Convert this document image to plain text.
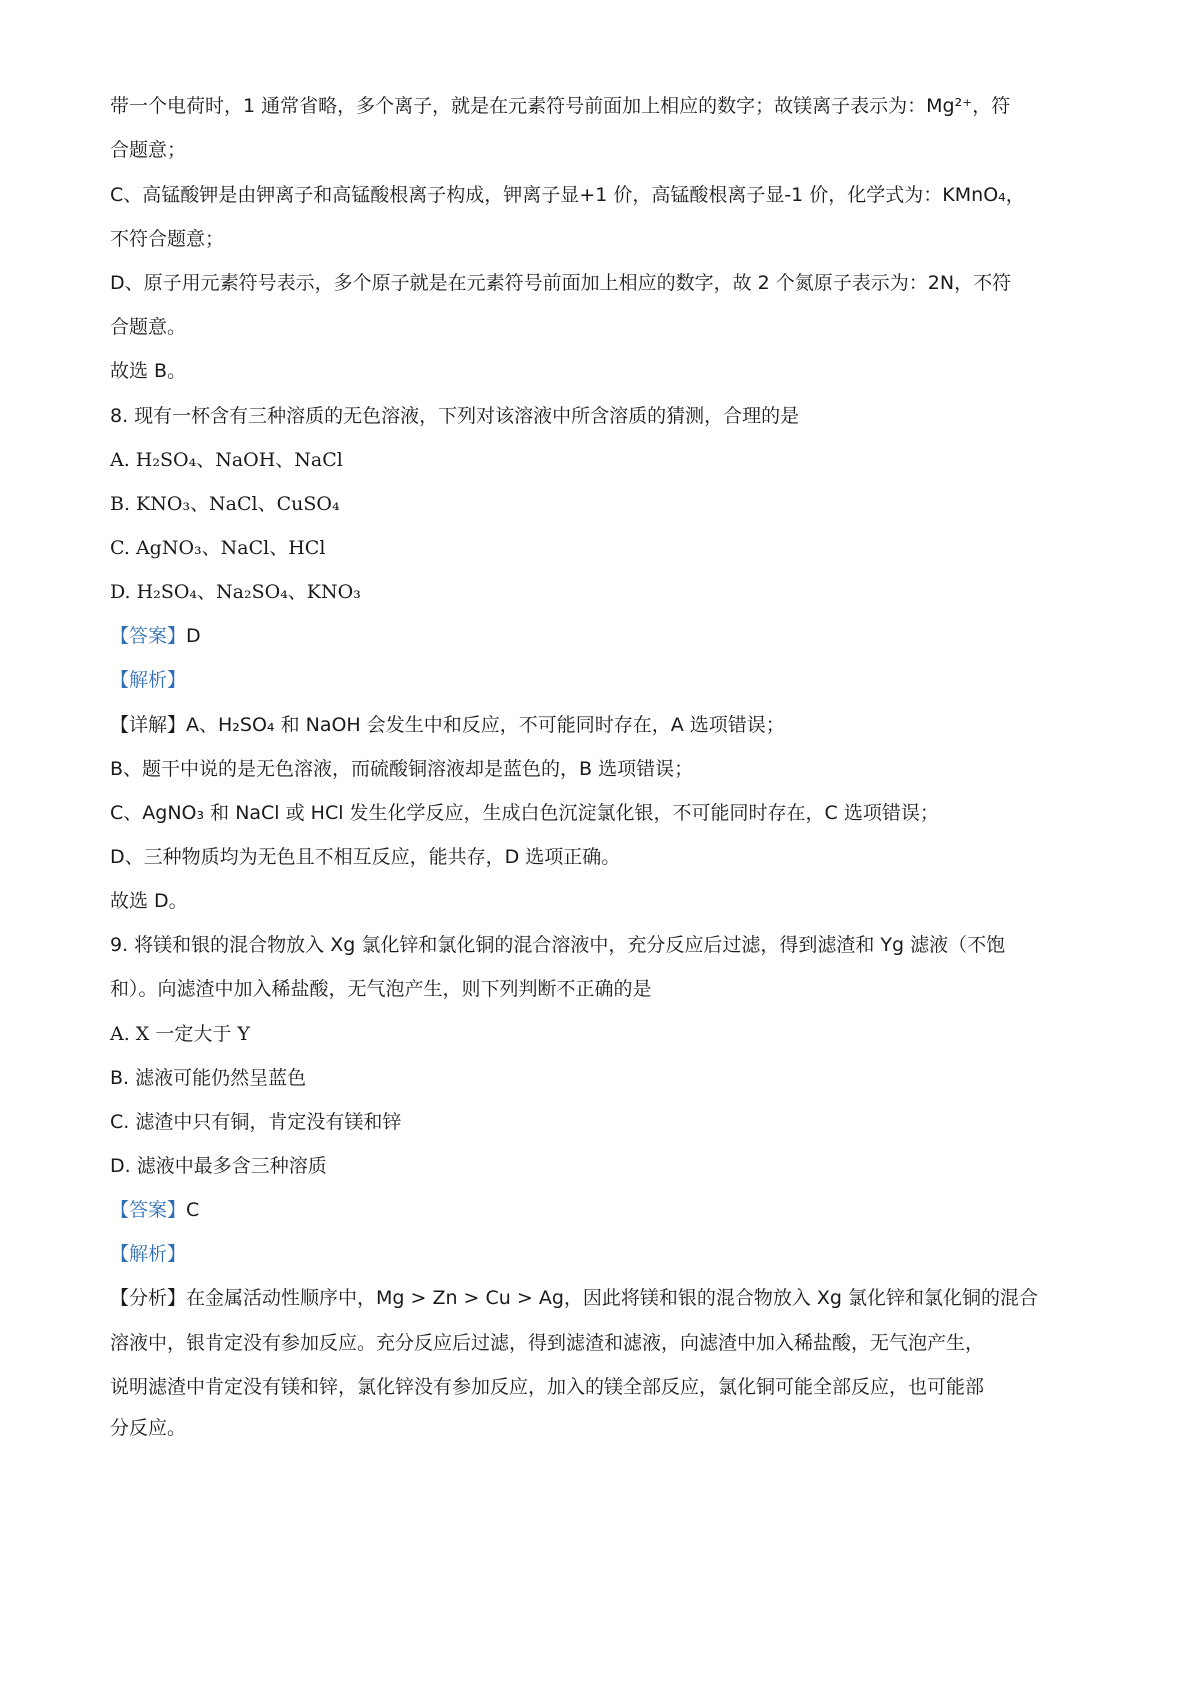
带一个电荷时，1 通常省略，多个离子，就是在元素符号前面加上相应的数字；故镁离子表示为：Mg²⁺，符
合题意；
C、高锰酸钾是由钾离子和高锰酸根离子构成，钾离子显+1 价，高锰酸根离子显-1 价，化学式为：KMnO₄，
不符合题意；
D、原子用元素符号表示，多个原子就是在元素符号前面加上相应的数字，故 2 个氮原子表示为：2N，不符
合题意。
故选 B。
8. 现有一杯含有三种溶质的无色溶液，下列对该溶液中所含溶质的猜测，合理的是
A. H₂SO₄、NaOH、NaCl
B. KNO₃、NaCl、CuSO₄
C. AgNO₃、NaCl、HCl
D. H₂SO₄、Na₂SO₄、KNO₃
【答案】D
【解析】
【详解】A、H₂SO₄ 和 NaOH 会发生中和反应，不可能同时存在，A 选项错误；
B、题干中说的是无色溶液，而硫酸铜溶液却是蓝色的，B 选项错误；
C、AgNO₃ 和 NaCl 或 HCl 发生化学反应，生成白色沉淀氯化银，不可能同时存在，C 选项错误；
D、三种物质均为无色且不相互反应，能共存，D 选项正确。
故选 D。
9. 将镁和银的混合物放入 Xg 氯化锌和氯化铜的混合溶液中，充分反应后过滤，得到滤渣和 Yg 滤液（不饱
和）。向滤渣中加入稀盐酸，无气泡产生，则下列判断不正确的是
A. X 一定大于 Y
B. 滤液可能仍然呈蓝色
C. 滤渣中只有铜，肯定没有镁和锌
D. 滤液中最多含三种溶质
【答案】C
【解析】
【分析】在金属活动性顺序中，Mg > Zn > Cu > Ag，因此将镁和银的混合物放入 Xg 氯化锌和氯化铜的混合
溶液中，银肯定没有参加反应。充分反应后过滤，得到滤渣和滤液，向滤渣中加入稀盐酸，无气泡产生，
说明滤渣中肯定没有镁和锌，氯化锌没有参加反应，加入的镁全部反应，氯化铜可能全部反应，也可能部
分反应。
